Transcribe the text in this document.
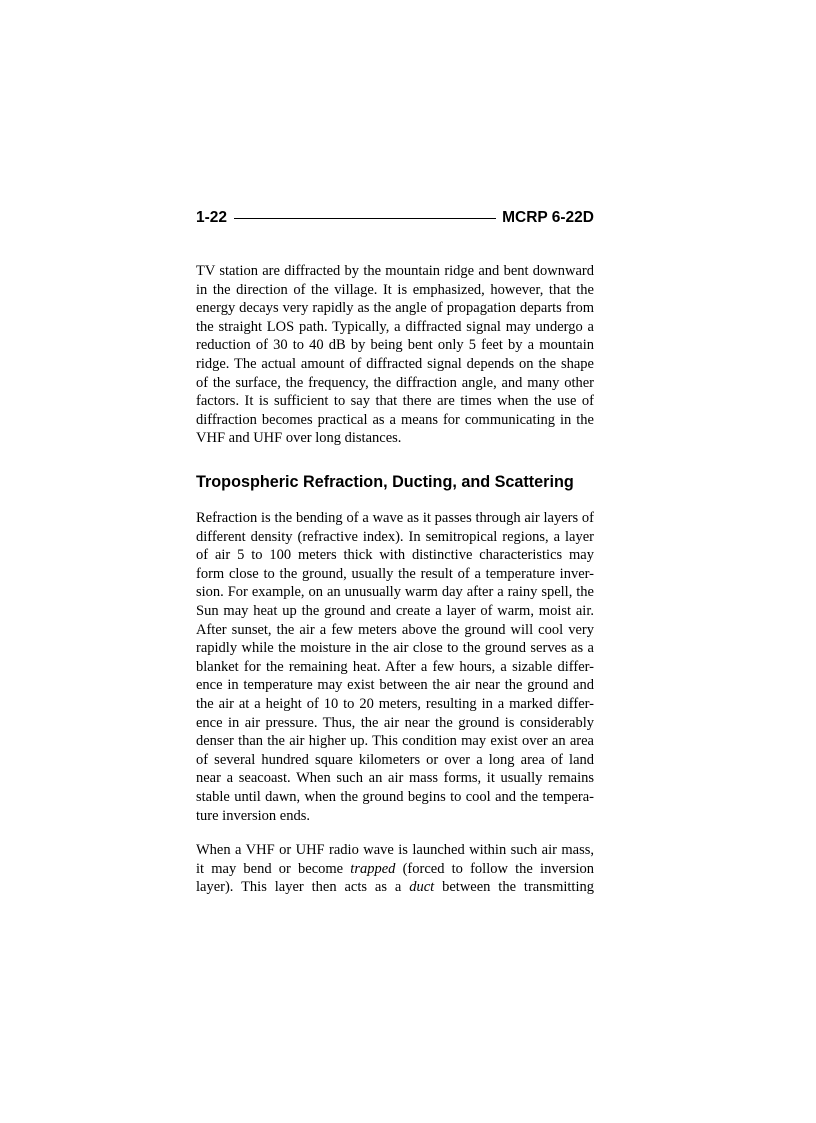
1-22	MCRP 6-22D
TV station are diffracted by the mountain ridge and bent downward
in the direction of the village. It is emphasized, however, that the
energy decays very rapidly as the angle of propagation departs from
the straight LOS path. Typically, a diffracted signal may undergo a
reduction of 30 to 40 dB by being bent only 5 feet by a mountain
ridge. The actual amount of diffracted signal depends on the shape
of the surface, the frequency, the diffraction angle, and many other
factors. It is sufficient to say that there are times when the use of
diffraction becomes practical as a means for communicating in the
VHF and UHF over long distances.
Tropospheric Refraction, Ducting, and Scattering
Refraction is the bending of a wave as it passes through air layers of
different density (refractive index). In semitropical regions, a layer
of air 5 to 100 meters thick with distinctive characteristics may
form close to the ground, usually the result of a temperature inver-
sion. For example, on an unusually warm day after a rainy spell, the
Sun may heat up the ground and create a layer of warm, moist air.
After sunset, the air a few meters above the ground will cool very
rapidly while the moisture in the air close to the ground serves as a
blanket for the remaining heat. After a few hours, a sizable differ-
ence in temperature may exist between the air near the ground and
the air at a height of 10 to 20 meters, resulting in a marked differ-
ence in air pressure. Thus, the air near the ground is considerably
denser than the air higher up. This condition may exist over an area
of several hundred square kilometers or over a long area of land
near a seacoast. When such an air mass forms, it usually remains
stable until dawn, when the ground begins to cool and the tempera-
ture inversion ends.
When a VHF or UHF radio wave is launched within such air mass,
it may bend or become trapped (forced to follow the inversion
layer). This layer then acts as a duct between the transmitting
